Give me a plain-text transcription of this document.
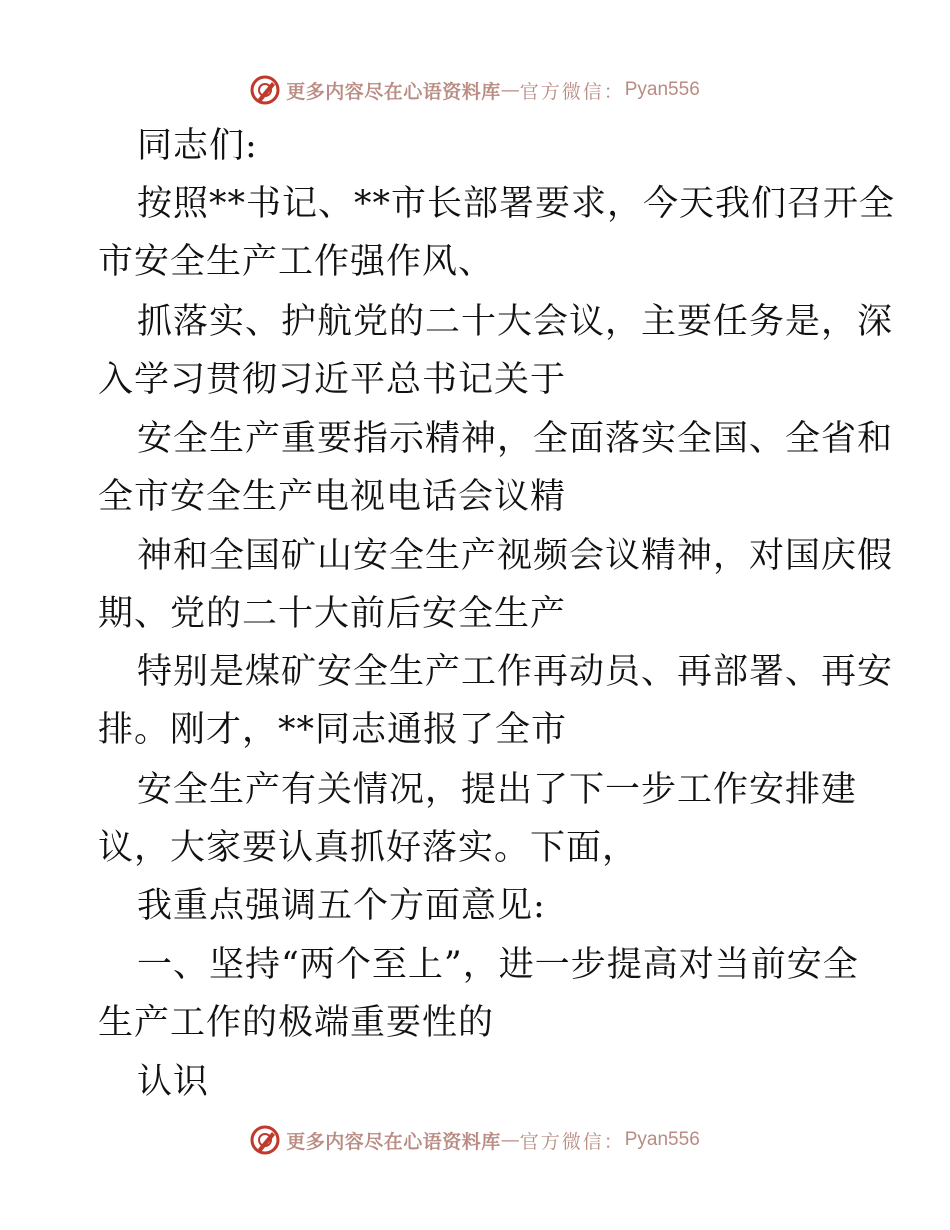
更多内容尽在心语资料库 — 官方微信： Pyan556
同志们:
按照**书记、**市长部署要求，今天我们召开全
市安全生产工作强作风、
抓落实、护航党的二十大会议，主要任务是，深
入学习贯彻习近平总书记关于
安全生产重要指示精神，全面落实全国、全省和
全市安全生产电视电话会议精
神和全国矿山安全生产视频会议精神，对国庆假
期、党的二十大前后安全生产
特别是煤矿安全生产工作再动员、再部署、再安
排。刚才，**同志通报了全市
安全生产有关情况，提出了下一步工作安排建
议，大家要认真抓好落实。下面，
我重点强调五个方面意见:
一、坚持“两个至上”，进一步提高对当前安全
生产工作的极端重要性的
认识
更多内容尽在心语资料库 — 官方微信： Pyan556
